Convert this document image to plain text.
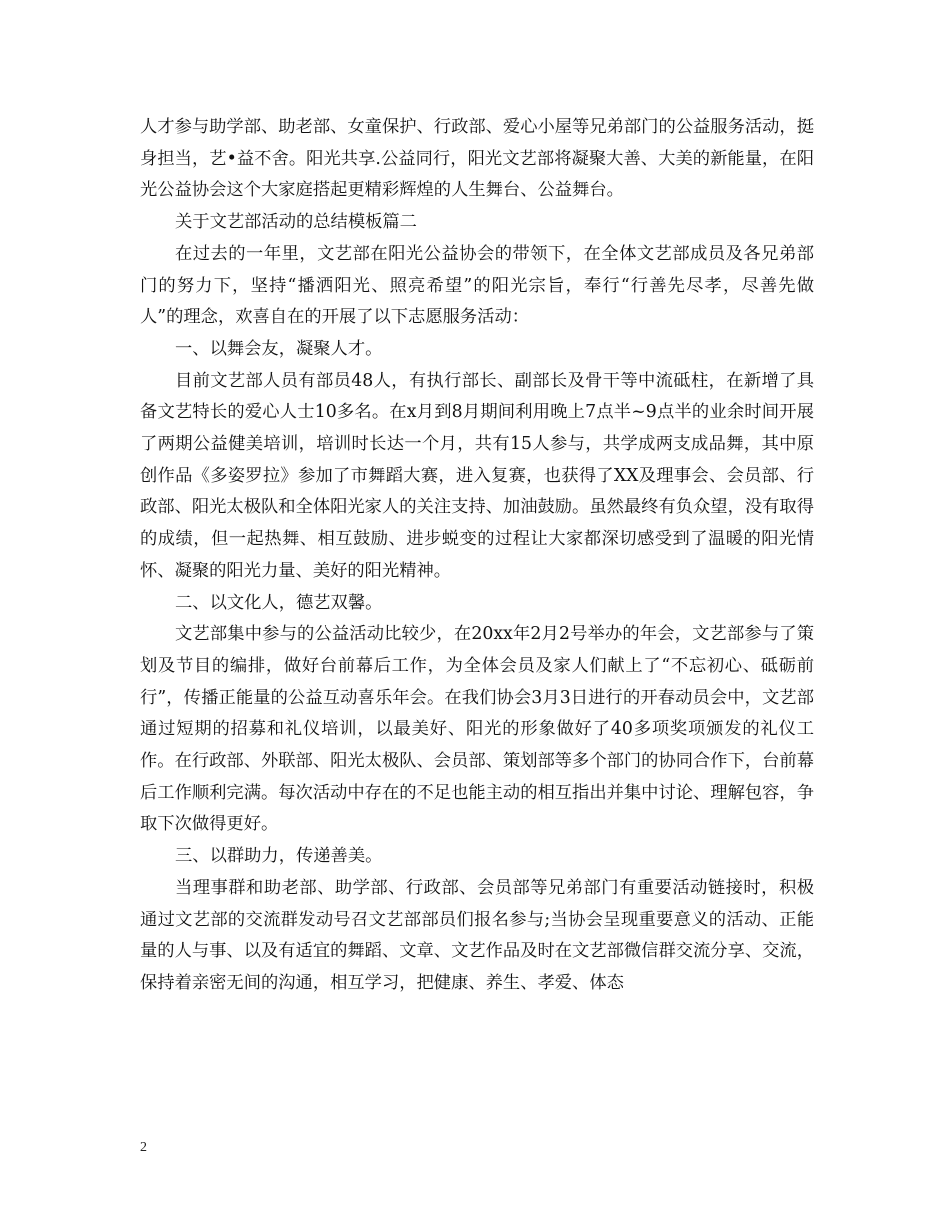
人才参与助学部、助老部、女童保护、行政部、爱心小屋等兄弟部门的公益服务活动，挺身担当，艺•益不舍。阳光共享.公益同行，阳光文艺部将凝聚大善、大美的新能量，在阳光公益协会这个大家庭搭起更精彩辉煌的人生舞台、公益舞台。

关于文艺部活动的总结模板篇二

在过去的一年里，文艺部在阳光公益协会的带领下，在全体文艺部成员及各兄弟部门的努力下，坚持“播洒阳光、照亮希望”的阳光宗旨，奉行“行善先尽孝，尽善先做人”的理念，欢喜自在的开展了以下志愿服务活动：

一、以舞会友，凝聚人才。

目前文艺部人员有部员48人，有执行部长、副部长及骨干等中流砥柱，在新增了具备文艺特长的爱心人士10多名。在x月到8月期间利用晚上7点半~9点半的业余时间开展了两期公益健美培训，培训时长达一个月，共有15人参与，共学成两支成品舞，其中原创作品《多姿罗拉》参加了市舞蹈大赛，进入复赛，也获得了XX及理事会、会员部、行政部、阳光太极队和全体阳光家人的关注支持、加油鼓励。虽然最终有负众望，没有取得的成绩，但一起热舞、相互鼓励、进步蜕变的过程让大家都深切感受到了温暖的阳光情怀、凝聚的阳光力量、美好的阳光精神。

二、以文化人，德艺双馨。

文艺部集中参与的公益活动比较少，在20xx年2月2号举办的年会，文艺部参与了策划及节目的编排，做好台前幕后工作，为全体会员及家人们献上了“不忘初心、砥砺前行”，传播正能量的公益互动喜乐年会。在我们协会3月3日进行的开春动员会中，文艺部通过短期的招募和礼仪培训，以最美好、阳光的形象做好了40多项奖项颁发的礼仪工作。在行政部、外联部、阳光太极队、会员部、策划部等多个部门的协同合作下，台前幕后工作顺利完满。每次活动中存在的不足也能主动的相互指出并集中讨论、理解包容，争取下次做得更好。

三、以群助力，传递善美。

当理事群和助老部、助学部、行政部、会员部等兄弟部门有重要活动链接时，积极通过文艺部的交流群发动号召文艺部部员们报名参与;当协会呈现重要意义的活动、正能量的人与事、以及有适宜的舞蹈、文章、文艺作品及时在文艺部微信群交流分享、交流，保持着亲密无间的沟通，相互学习，把健康、养生、孝爱、体态

2
